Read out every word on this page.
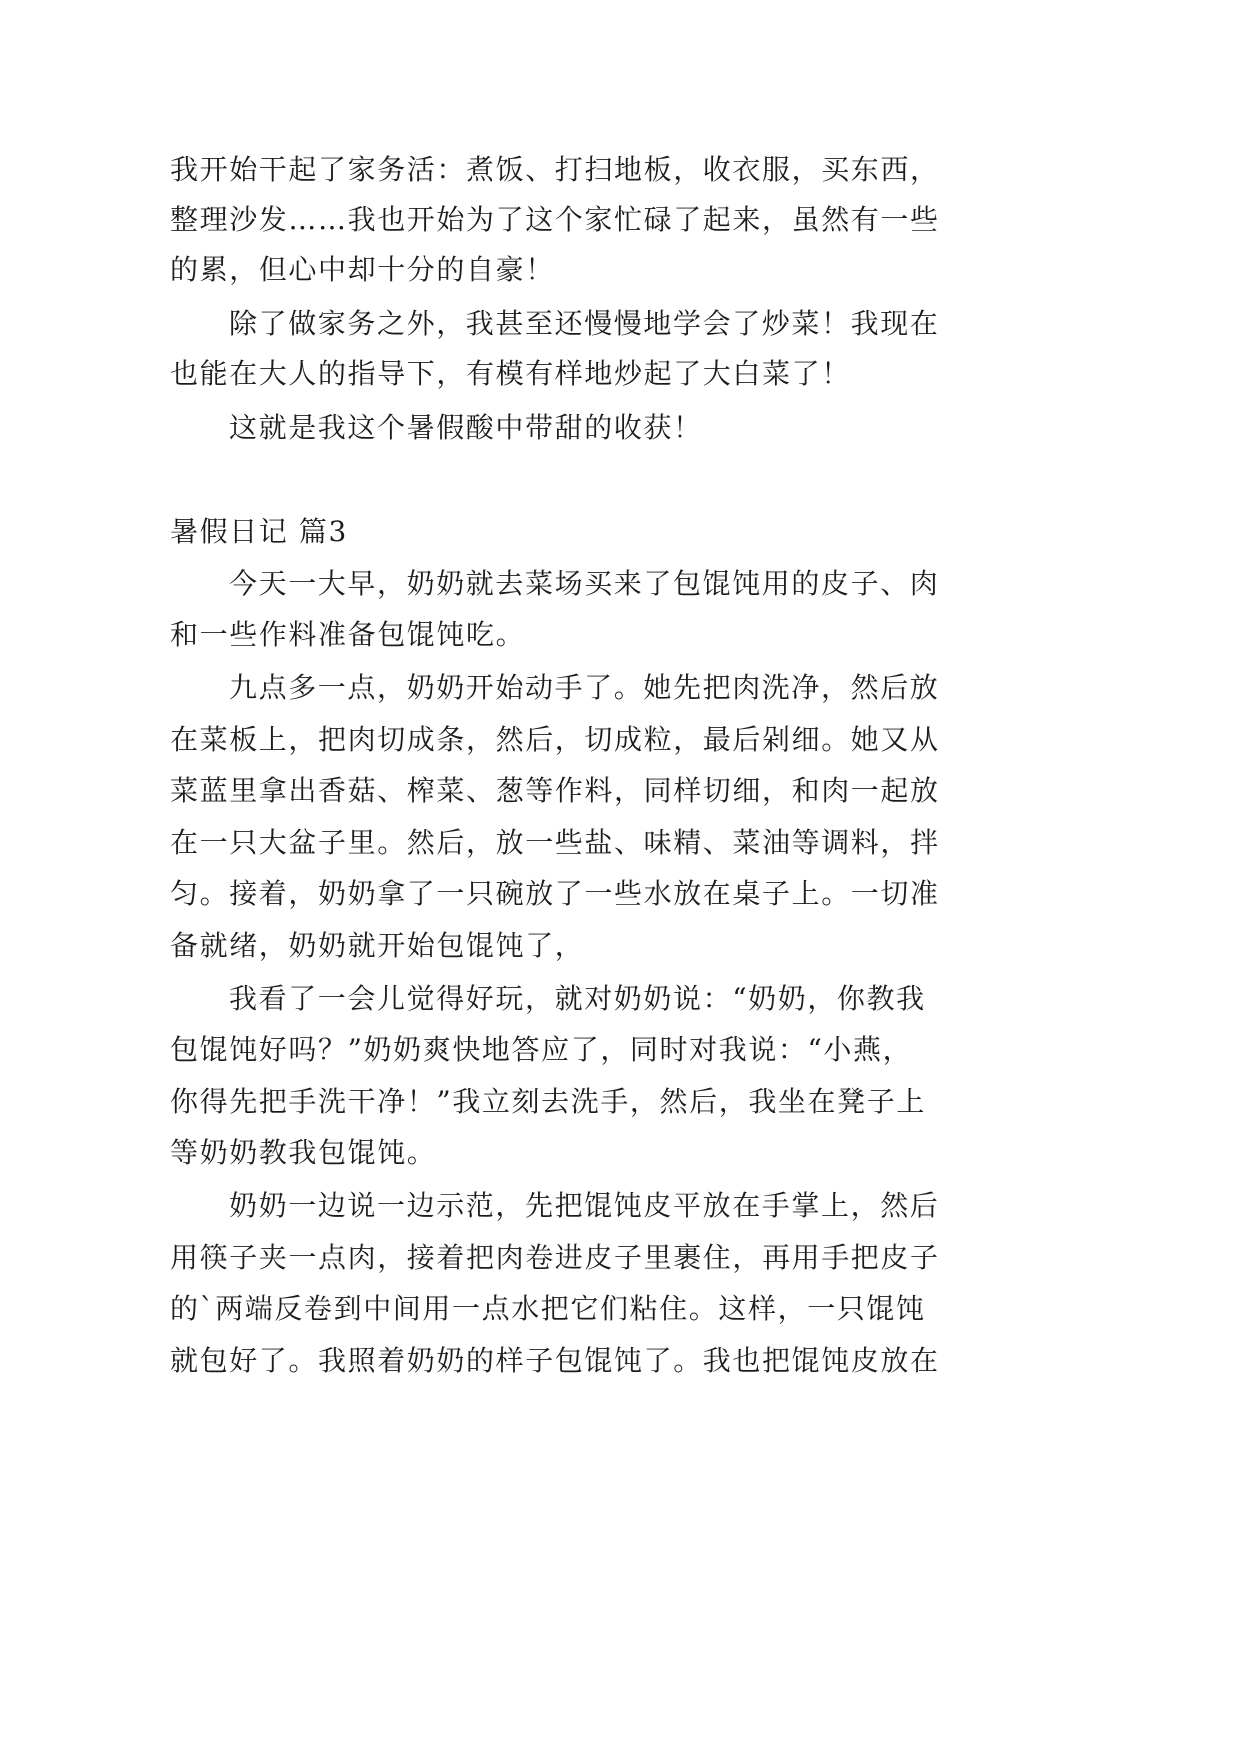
我开始干起了家务活：煮饭、打扫地板，收衣服，买东西，
整理沙发……我也开始为了这个家忙碌了起来，虽然有一些
的累，但心中却十分的自豪！
除了做家务之外，我甚至还慢慢地学会了炒菜！我现在
也能在大人的指导下，有模有样地炒起了大白菜了！
这就是我这个暑假酸中带甜的收获！
暑假日记 篇3
今天一大早，奶奶就去菜场买来了包馄饨用的皮子、肉
和一些作料准备包馄饨吃。
九点多一点，奶奶开始动手了。她先把肉洗净，然后放
在菜板上，把肉切成条，然后，切成粒，最后剁细。她又从
菜蓝里拿出香菇、榨菜、葱等作料，同样切细，和肉一起放
在一只大盆子里。然后，放一些盐、味精、菜油等调料，拌
匀。接着，奶奶拿了一只碗放了一些水放在桌子上。一切准
备就绪，奶奶就开始包馄饨了，
我看了一会儿觉得好玩，就对奶奶说：“奶奶，你教我
包馄饨好吗？”奶奶爽快地答应了，同时对我说：“小燕，
你得先把手洗干净！”我立刻去洗手，然后，我坐在凳子上
等奶奶教我包馄饨。
奶奶一边说一边示范，先把馄饨皮平放在手掌上，然后
用筷子夹一点肉，接着把肉卷进皮子里裹住，再用手把皮子
的`两端反卷到中间用一点水把它们粘住。这样，一只馄饨
就包好了。我照着奶奶的样子包馄饨了。我也把馄饨皮放在
